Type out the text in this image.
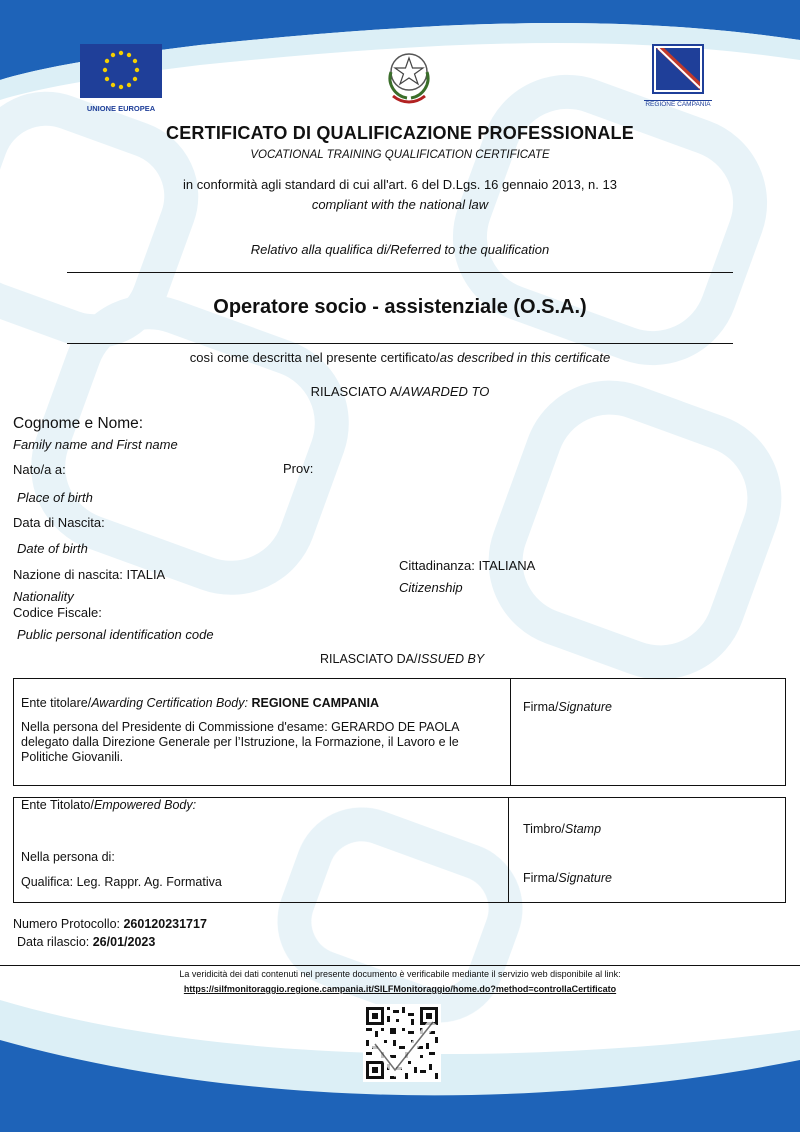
UNIONE EUROPEA	REGIONE CAMPANIA
CERTIFICATO DI QUALIFICAZIONE PROFESSIONALE
VOCATIONAL TRAINING QUALIFICATION CERTIFICATE
in conformità agli standard di cui all'art. 6 del D.Lgs. 16 gennaio 2013, n. 13
compliant with the national law
Relativo alla qualifica di/Referred to the qualification
Operatore socio - assistenziale (O.S.A.)
così come descritta nel presente certificato/as described in this certificate
RILASCIATO A/AWARDED TO
Cognome e Nome:
Family name and First name
Nato/a a:	Prov:
Place of birth
Data di Nascita:
Date of birth
Cittadinanza: ITALIANA
Citizenship
Nazione di nascita: ITALIA
Nationality
Codice Fiscale:
Public personal identification code
RILASCIATO DA/ISSUED BY
Ente titolare/Awarding Certification Body: REGIONE CAMPANIA
Nella persona del Presidente di Commissione d'esame: GERARDO DE PAOLA delegato dalla Direzione Generale per l’Istruzione, la Formazione, il Lavoro e le Politiche Giovanili.
Firma/Signature
Ente Titolato/Empowered Body:
Nella persona di:
Qualifica: Leg. Rappr. Ag. Formativa
Timbro/Stamp
Firma/Signature
Numero Protocollo: 260120231717
Data rilascio: 26/01/2023
La veridicità dei dati contenuti nel presente documento è verificabile mediante il servizio web disponibile al link:
https://silfmonitoraggio.regione.campania.it/SILFMonitoraggio/home.do?method=controllaCertificato
